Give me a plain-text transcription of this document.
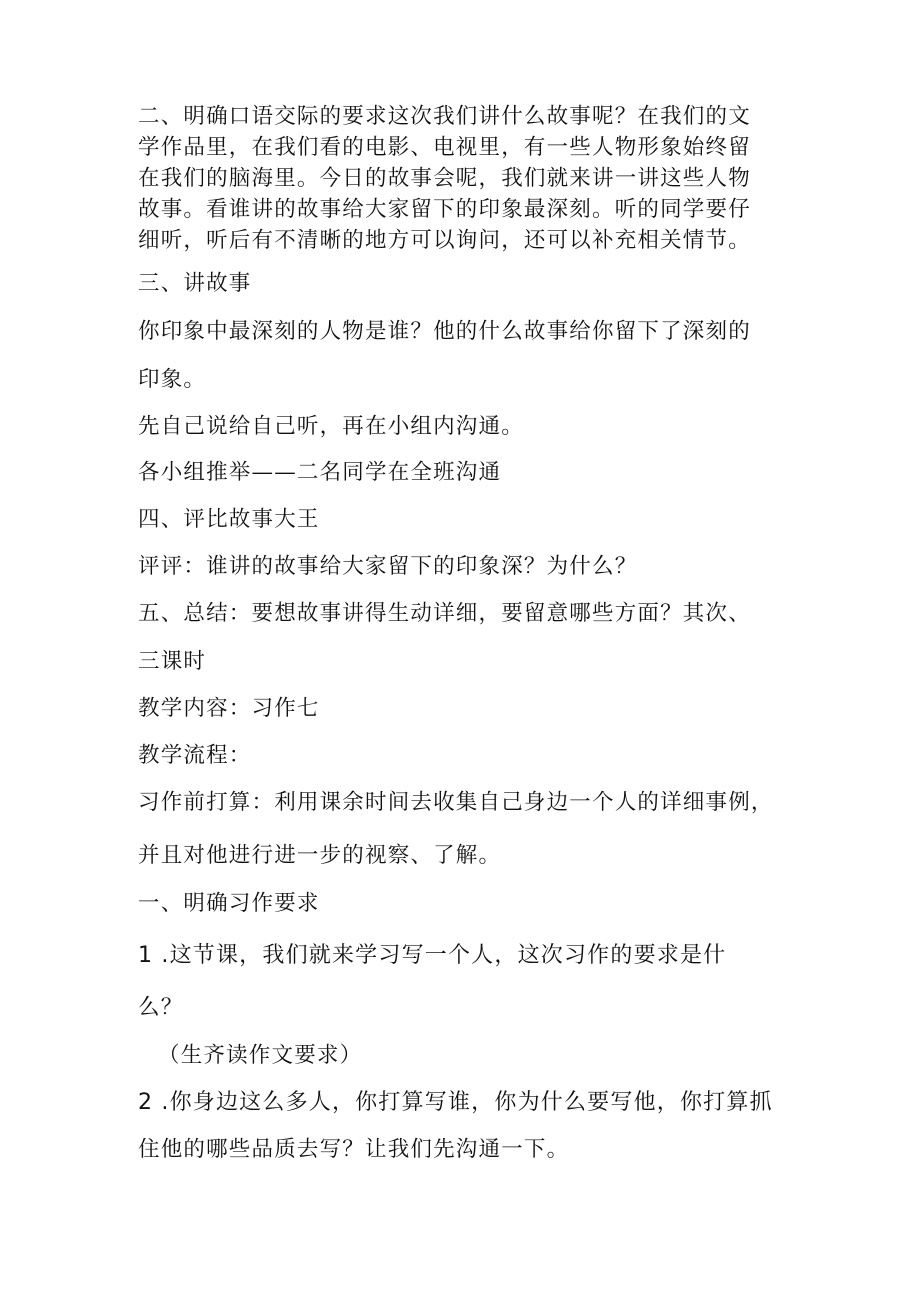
二、明确口语交际的要求这次我们讲什么故事呢？在我们的文
学作品里，在我们看的电影、电视里，有一些人物形象始终留
在我们的脑海里。今日的故事会呢，我们就来讲一讲这些人物
故事。看谁讲的故事给大家留下的印象最深刻。听的同学要仔
细听，听后有不清晰的地方可以询问，还可以补充相关情节。
三、讲故事
你印象中最深刻的人物是谁？他的什么故事给你留下了深刻的
印象。
先自己说给自己听，再在小组内沟通。
各小组推举——二名同学在全班沟通
四、评比故事大王
评评：谁讲的故事给大家留下的印象深？为什么？
五、总结：要想故事讲得生动详细，要留意哪些方面？其次、
三课时
教学内容：习作七
教学流程：
习作前打算：利用课余时间去收集自己身边一个人的详细事例，
并且对他进行进一步的视察、了解。
一、明确习作要求
1 .这节课，我们就来学习写一个人，这次习作的要求是什
么？
（生齐读作文要求）
2 .你身边这么多人，你打算写谁，你为什么要写他，你打算抓
住他的哪些品质去写？让我们先沟通一下。
